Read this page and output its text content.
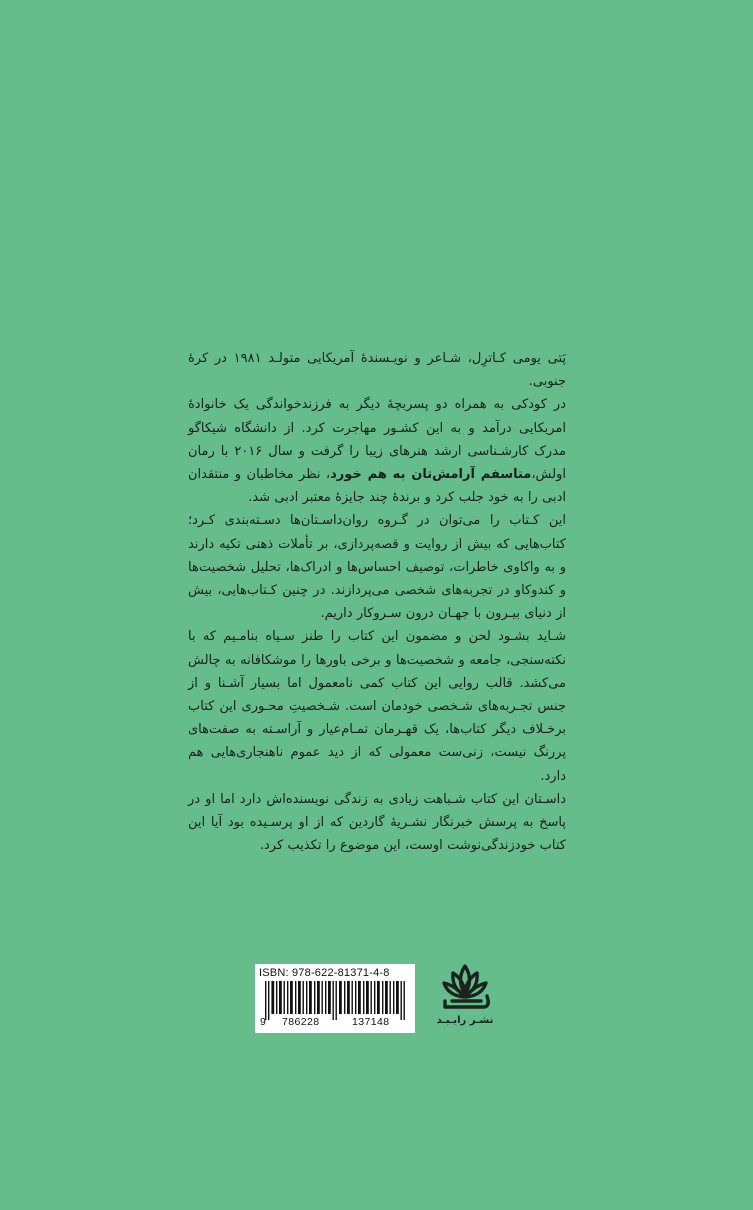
پَتی یومی کـاترِل، شـاعر و نویـسندهٔ آمریکایی متولـد ۱۹۸۱ در کرهٔ جنوبی.

در کودکی به همراه دو پسربچهٔ دیگر به فرزندخواندگی یک خانوادهٔ امریکایی درآمد و به این کشـور مهاجرت کرد. از دانشگاه شیکاگو مدرک کارشـناسی ارشد هنرهای زیبا را گرفت و سال ۲۰۱۶ با رمان اولش،متاسفم آرامش‌تان به هم خورد، نظر مخاطبان و منتقدان ادبی را به خود جلب کرد و برندهٔ چند جایزهٔ معتبر ادبی شد.

این کـتاب را می‌توان در گـروه روان‌داسـتان‌ها دسـته‌بندی کـرد؛ کتاب‌هایی که بیش از روایت و قصه‌پردازی، بر تأملات ذهنی تکیه دارند و به واکاوی خاطرات، توصیف احساس‌ها و ادراک‌ها، تحلیل شخصیت‌ها و کندوکاو در تجربه‌های شخصی می‌پردازند. در چنین کـتاب‌هایی، بیش از دنیای بیـرون با جهـان درون سـروکار داریم.

شـاید بشـود لحن و مضمون این کتاب را طنز سـیاه بنامـیم که با نکته‌سنجی، جامعه و شخصیت‌ها و برخی باورها را موشکافانه به چالش می‌کشد. قالب روایی این کتاب کمی نامعمول اما بسیار آشـنا و از جنس تجـربه‌های شـخصی خودمان است. شـخصیتِ محـوری این کتاب برخـلاف دیگر کتاب‌ها، یک قهـرمان تمـام‌عیار و آراسـته به صفت‌های پررنگ نیست، زنی‌ست معمولی که از دید عموم ناهنجاری‌هایی هم دارد.

داسـتان این کتاب شـباهت زیادی به زندگی نویسنده‌اش دارد اما او در پاسخ به پرسش خبرنگار نشـریهٔ گاردین که از او پرسـیده بود آیا این کتاب خودزندگی‌نوشت اوست، این موضوع را تکذیب کرد.

ISBN: 978-622-81371-4-8
9 786228	137148	نشـر رایـبـد
